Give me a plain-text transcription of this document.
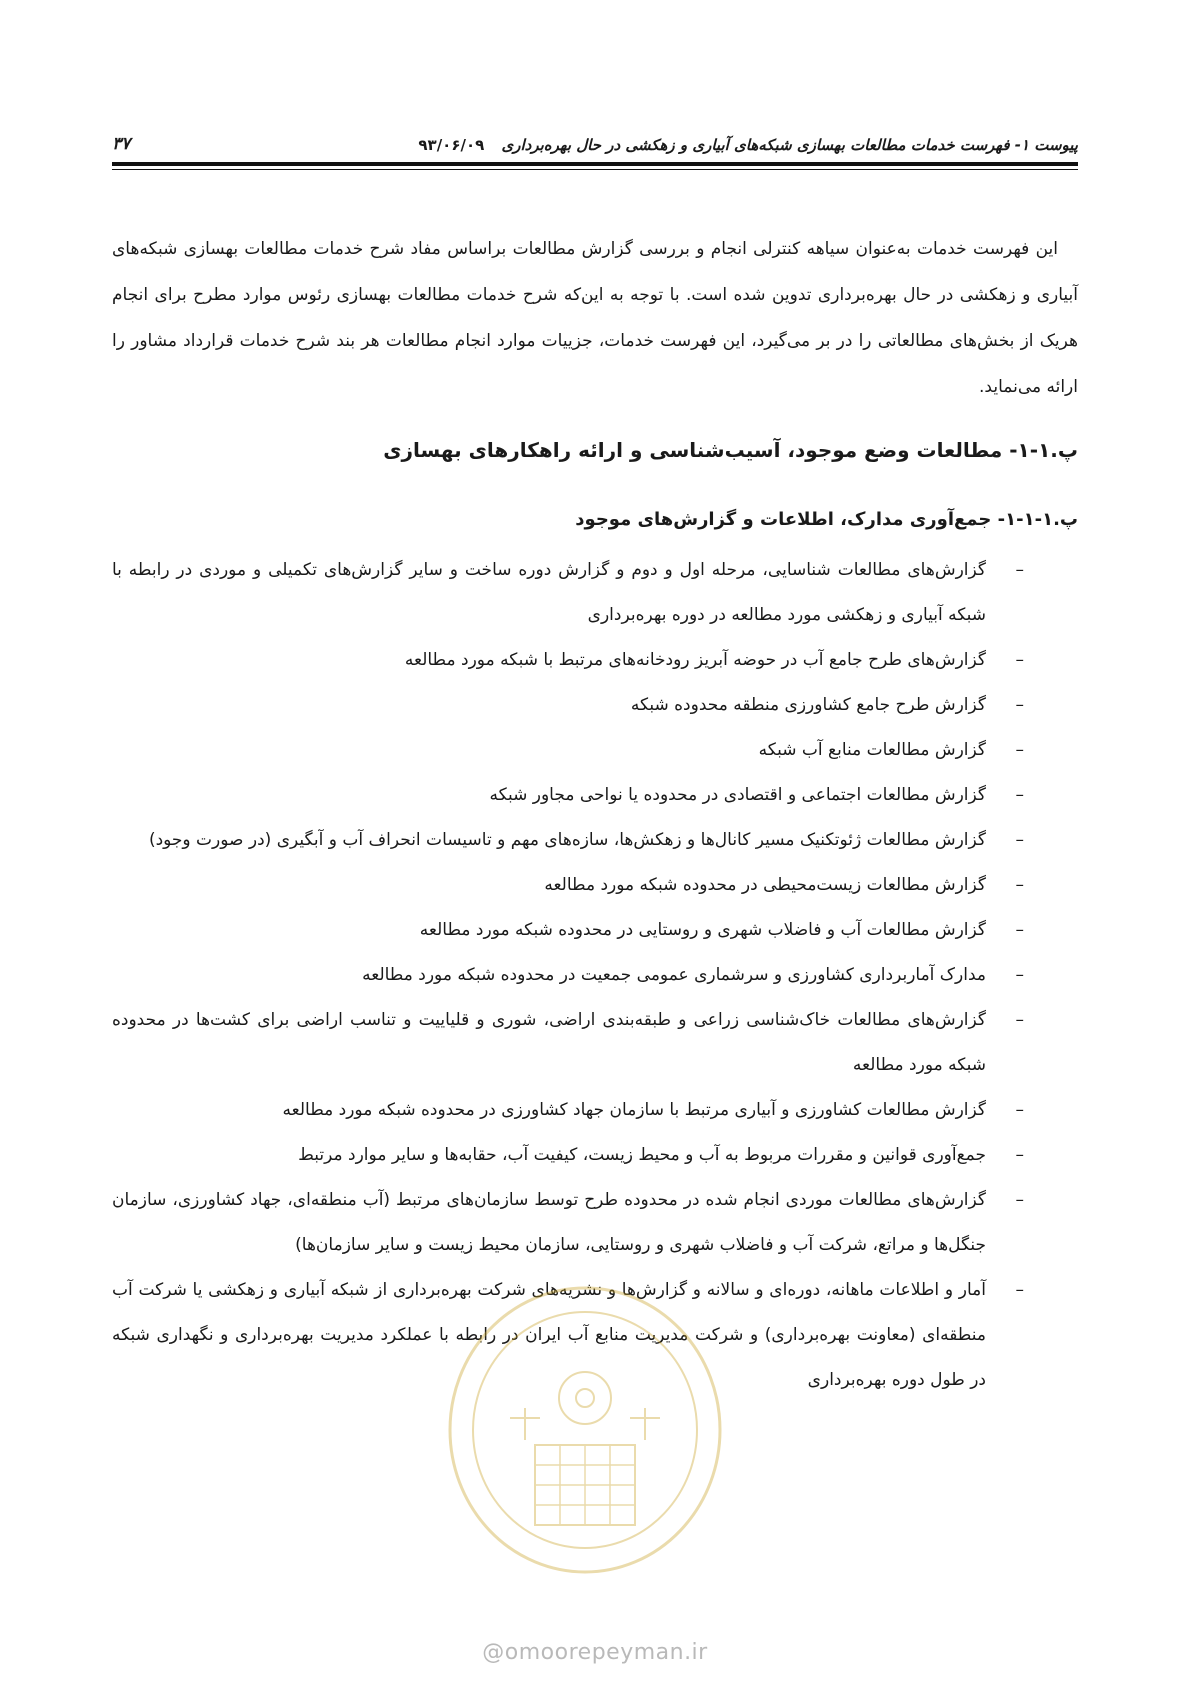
پیوست ۱- فهرست خدمات مطالعات بهسازی شبکه‌های آبیاری و زهکشی در حال بهره‌برداری ۹۳/۰۶/۰۹
۳۷

این فهرست خدمات به‌عنوان سیاهه کنترلی انجام و بررسی گزارش مطالعات براساس مفاد شرح خدمات مطالعات بهسازی شبکه‌های آبیاری و زهکشی در حال بهره‌برداری تدوین شده است. با توجه به این‌که شرح خدمات مطالعات بهسازی رئوس موارد مطرح برای انجام هریک از بخش‌های مطالعاتی را در بر می‌گیرد، این فهرست خدمات، جزییات موارد انجام مطالعات هر بند شرح خدمات قرارداد مشاور را ارائه می‌نماید.

پ.۱-۱- مطالعات وضع موجود، آسیب‌شناسی و ارائه راهکارهای بهسازی
پ.۱-۱-۱- جمع‌آوری مدارک، اطلاعات و گزارش‌های موجود
–
گزارش‌های مطالعات شناسایی، مرحله اول و دوم و گزارش دوره ساخت و سایر گزارش‌های تکمیلی و موردی در رابطه با شبکه آبیاری و زهکشی مورد مطالعه در دوره بهره‌برداری
–
گزارش‌های طرح جامع آب در حوضه آبریز رودخانه‌های مرتبط با شبکه مورد مطالعه
–
گزارش طرح جامع کشاورزی منطقه محدوده شبکه
–
گزارش مطالعات منابع آب شبکه
–
گزارش مطالعات اجتماعی و اقتصادی در محدوده یا نواحی مجاور شبکه
–
گزارش مطالعات ژئوتکنیک مسیر کانال‌ها و زهکش‌ها، سازه‌های مهم و تاسیسات انحراف آب و آبگیری (در صورت وجود)
–
گزارش مطالعات زیست‌محیطی در محدوده شبکه مورد مطالعه
–
گزارش مطالعات آب و فاضلاب شهری و روستایی در محدوده شبکه مورد مطالعه
–
مدارک آماربرداری کشاورزی و سرشماری عمومی جمعیت در محدوده شبکه مورد مطالعه
–
گزارش‌های مطالعات خاک‌شناسی زراعی و طبقه‌بندی اراضی، شوری و قلیاییت و تناسب اراضی برای کشت‌ها در محدوده شبکه مورد مطالعه
–
گزارش مطالعات کشاورزی و آبیاری مرتبط با سازمان جهاد کشاورزی در محدوده شبکه مورد مطالعه
–
جمع‌آوری قوانین و مقررات مربوط به آب و محیط زیست، کیفیت آب، حقابه‌ها و سایر موارد مرتبط
–
گزارش‌های مطالعات موردی انجام شده در محدوده طرح توسط سازمان‌های مرتبط (آب منطقه‌ای، جهاد کشاورزی، سازمان جنگل‌ها و مراتع، شرکت آب و فاضلاب شهری و روستایی، سازمان محیط زیست و سایر سازمان‌ها)
–
آمار و اطلاعات ماهانه، دوره‌ای و سالانه و گزارش‌ها و نشریه‌های شرکت بهره‌برداری از شبکه آبیاری و زهکشی یا شرکت آب منطقه‌ای (معاونت بهره‌برداری) و شرکت مدیریت منابع آب ایران در رابطه با عملکرد مدیریت بهره‌برداری و نگهداری شبکه در طول دوره بهره‌برداری
@omoorepeyman.ir
